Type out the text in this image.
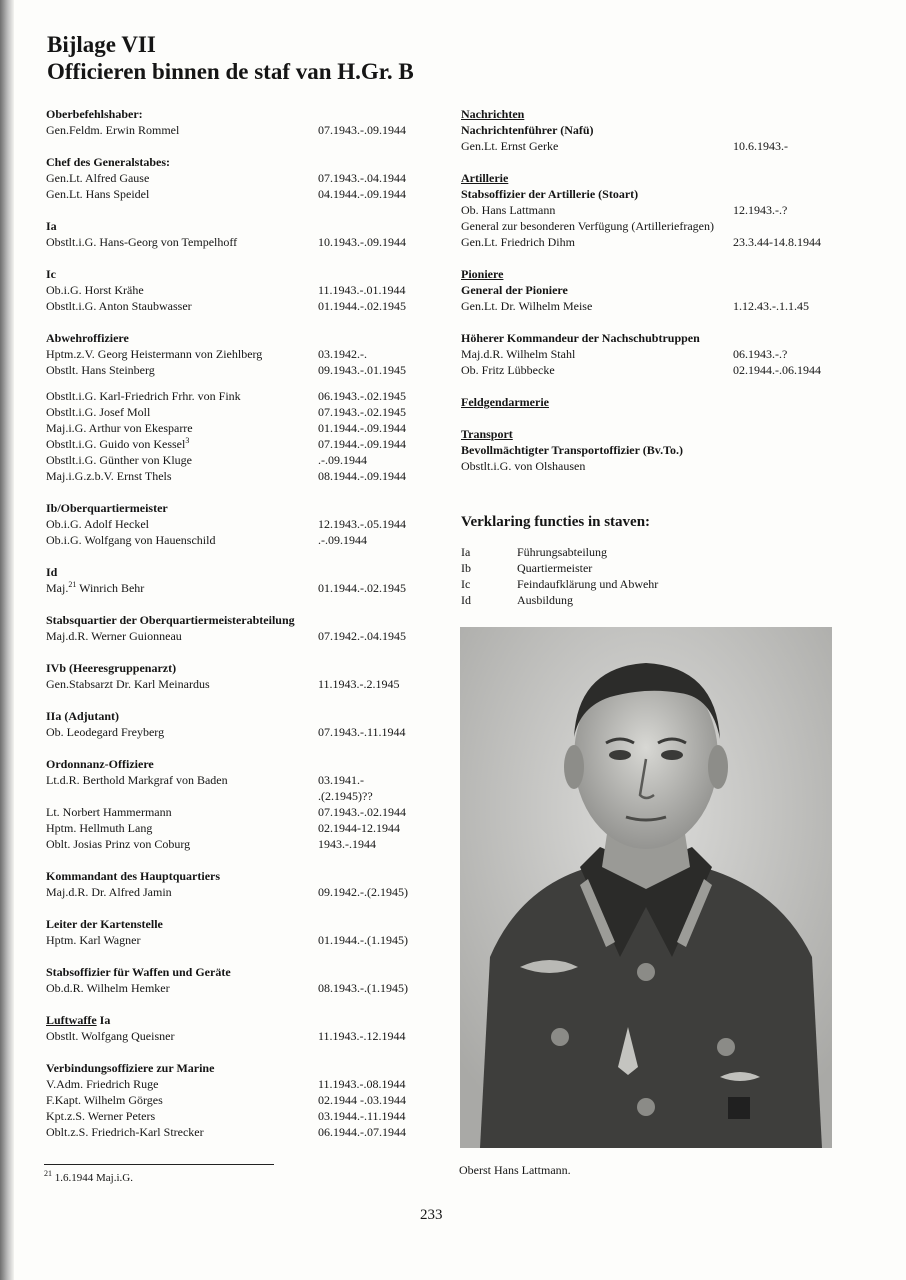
Bijlage VII
Officieren binnen de staf van H.Gr. B
Oberbefehlshaber:
Gen.Feldm. Erwin Rommel	07.1943.-.09.1944
Chef des Generalstabes:
Gen.Lt. Alfred Gause	07.1943.-.04.1944
Gen.Lt. Hans Speidel	04.1944.-.09.1944
Ia
Obstlt.i.G. Hans-Georg von Tempelhoff	10.1943.-.09.1944
Ic
Ob.i.G. Horst Krähe	11.1943.-.01.1944
Obstlt.i.G. Anton Staubwasser	01.1944.-.02.1945
Abwehroffiziere
Hptm.z.V. Georg Heistermann von Ziehlberg	03.1942.-.
Obstlt. Hans Steinberg	09.1943.-.01.1945
Obstlt.i.G. Karl-Friedrich Frhr. von Fink	06.1943.-.02.1945
Obstlt.i.G. Josef Moll	07.1943.-.02.1945
Maj.i.G. Arthur von Ekesparre	01.1944.-.09.1944
Obstlt.i.G. Guido von Kessel$^3$	07.1944.-.09.1944
Obstlt.i.G. Günther von Kluge	.-.09.1944
Maj.i.G.z.b.V. Ernst Thels	08.1944.-.09.1944
Ib/Oberquartiermeister
Ob.i.G. Adolf Heckel	12.1943.-.05.1944
Ob.i.G. Wolfgang von Hauenschild	.-.09.1944
Id
Maj.$^{21}$ Winrich Behr	01.1944.-.02.1945
Stabsquartier der Oberquartiermeisterabteilung
Maj.d.R. Werner Guionneau	07.1942.-.04.1945
IVb (Heeresgruppenarzt)
Gen.Stabsarzt Dr. Karl Meinardus	11.1943.-.2.1945
IIa (Adjutant)
Ob. Leodegard Freyberg	07.1943.-.11.1944
Ordonnanz-Offiziere
Lt.d.R. Berthold Markgraf von Baden	03.1941.-
.(2.1945)??
Lt. Norbert Hammermann	07.1943.-.02.1944
Hptm. Hellmuth Lang	02.1944-12.1944
Oblt. Josias Prinz von Coburg	1943.-.1944
Kommandant des Hauptquartiers
Maj.d.R. Dr. Alfred Jamin	09.1942.-.(2.1945)
Leiter der Kartenstelle
Hptm. Karl Wagner	01.1944.-.(1.1945)
Stabsoffizier für Waffen und Geräte
Ob.d.R. Wilhelm Hemker	08.1943.-.(1.1945)
Luftwaffe Ia
Obstlt. Wolfgang Queisner	11.1943.-.12.1944
Verbindungsoffiziere zur Marine
V.Adm. Friedrich Ruge	11.1943.-.08.1944
F.Kapt. Wilhelm Görges	02.1944 -.03.1944
Kpt.z.S. Werner Peters	03.1944.-.11.1944
Oblt.z.S. Friedrich-Karl Strecker	06.1944.-.07.1944
Nachrichten
Nachrichtenführer (Nafü)
Gen.Lt. Ernst Gerke	10.6.1943.-
Artillerie
Stabsoffizier der Artillerie (Stoart)
Ob. Hans Lattmann	12.1943.-.?
General zur besonderen Verfügung (Artilleriefragen)
Gen.Lt. Friedrich Dihm	23.3.44-14.8.1944
Pioniere
General der Pioniere
Gen.Lt. Dr. Wilhelm Meise	1.12.43.-.1.1.45
Höherer Kommandeur der Nachschubtruppen
Maj.d.R. Wilhelm Stahl	06.1943.-.?
Ob. Fritz Lübbecke	02.1944.-.06.1944
Feldgendarmerie
Transport
Bevollmächtigter Transportoffizier (Bv.To.)
Obstlt.i.G. von Olshausen
Verklaring functies in staven:
Ia	Führungsabteilung
Ib	Quartiermeister
Ic	Feindaufklärung und Abwehr
Id	Ausbildung
Oberst Hans Lattmann.
$^{21}$ 1.6.1944 Maj.i.G.
233
